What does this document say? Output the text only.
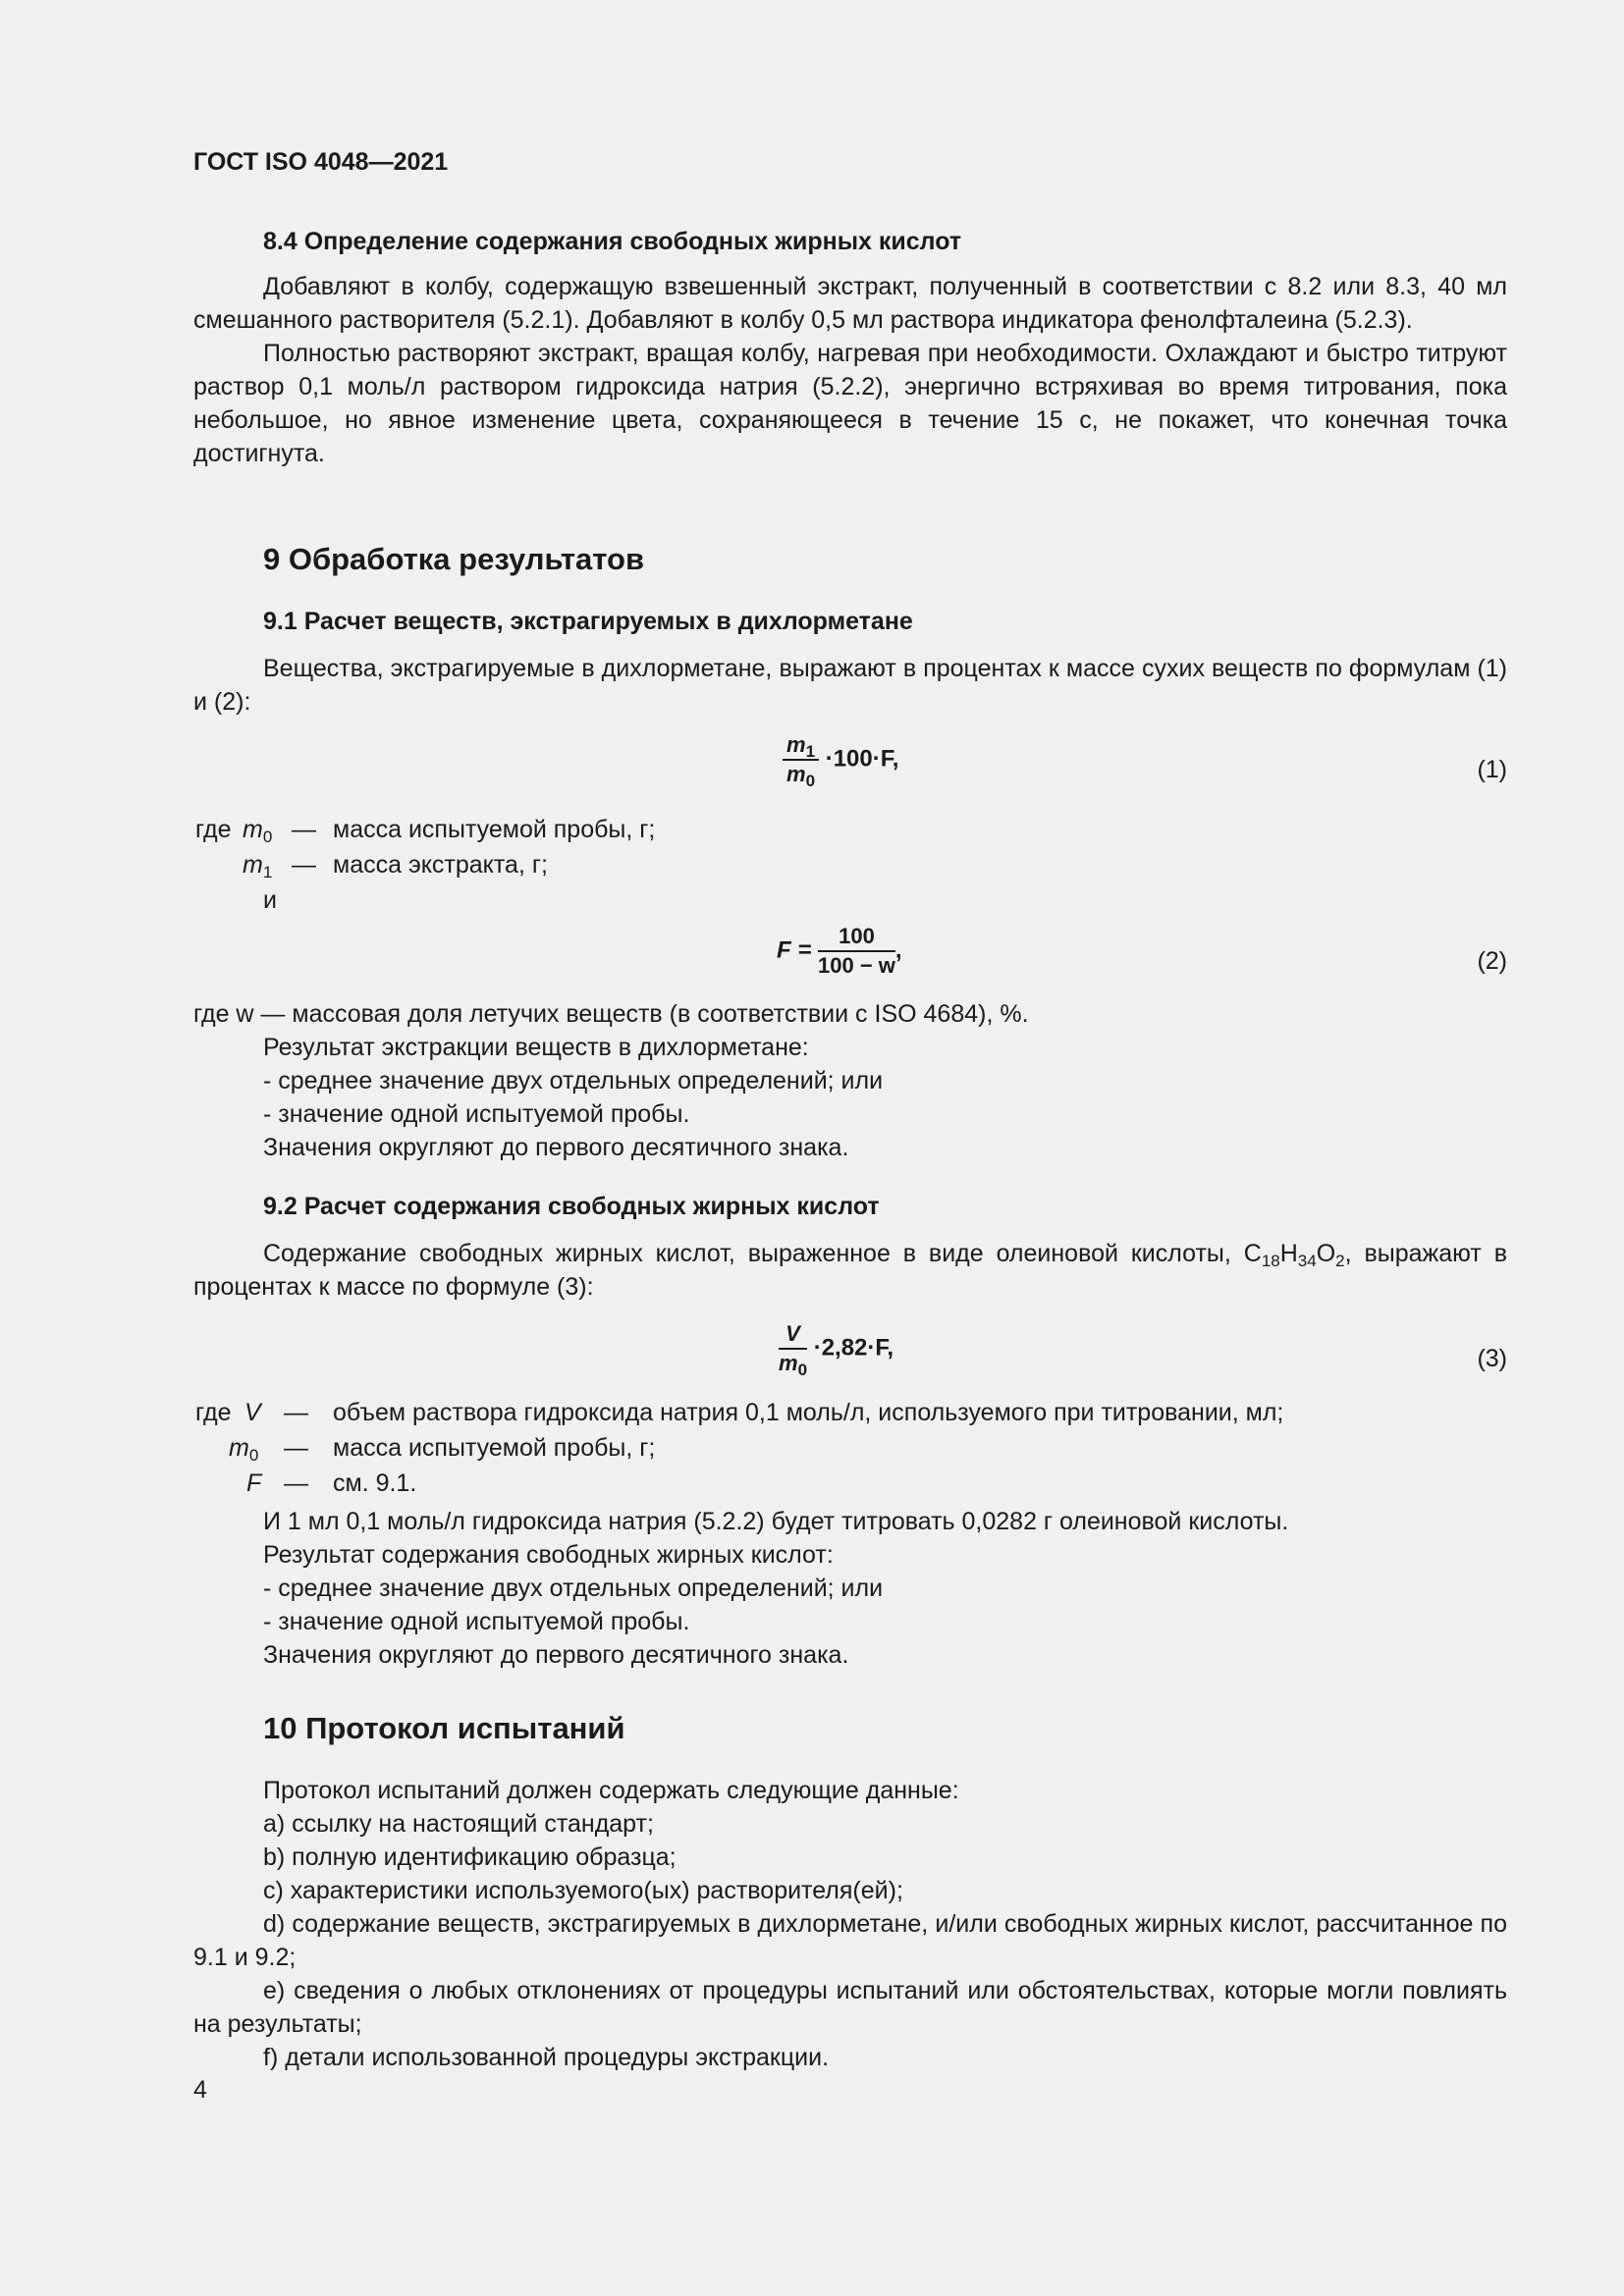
ГОСТ ISO 4048—2021
8.4 Определение содержания свободных жирных кислот

Добавляют в колбу, содержащую взвешенный экстракт, полученный в соответствии с 8.2 или 8.3, 40 мл смешанного растворителя (5.2.1). Добавляют в колбу 0,5 мл раствора индикатора фенолфталеина (5.2.3).

Полностью растворяют экстракт, вращая колбу, нагревая при необходимости. Охлаждают и быстро титруют раствор 0,1 моль/л раствором гидроксида натрия (5.2.2), энергично встряхивая во время титрования, пока небольшое, но явное изменение цвета, сохраняющееся в течение 15 с, не покажет, что конечная точка достигнута.

9 Обработка результатов
9.1 Расчет веществ, экстрагируемых в дихлорметане

Вещества, экстрагируемые в дихлорметане, выражают в процентах к массе сухих веществ по формулам (1) и (2):

$\frac{m_1}{m_0} \cdot 100\cdot F$,	(1)
где $m_0$ — масса испытуемой пробы, г;
$m_1$ — масса экстракта, г;
и
$F = \frac{100}{100 - w}$ ,	(2)

где w — массовая доля летучих веществ (в соответствии с ISO 4684), %.

Результат экстракции веществ в дихлорметане:

- среднее значение двух отдельных определений; или

- значение одной испытуемой пробы.

Значения округляют до первого десятичного знака.

9.2 Расчет содержания свободных жирных кислот

Содержание свободных жирных кислот, выраженное в виде олеиновой кислоты, $C_{18}H_{34}O_2$, выражают в процентах к массе по формуле (3):

$\frac{V}{m_0} \cdot 2,82\cdot F$,	(3)
где V — объем раствора гидроксида натрия 0,1 моль/л, используемого при титровании, мл;
$m_0$ — масса испытуемой пробы, г;
F — см. 9.1.

И 1 мл 0,1 моль/л гидроксида натрия (5.2.2) будет титровать 0,0282 г олеиновой кислоты.

Результат содержания свободных жирных кислот:

- среднее значение двух отдельных определений; или

- значение одной испытуемой пробы.

Значения округляют до первого десятичного знака.

10 Протокол испытаний

Протокол испытаний должен содержать следующие данные:

a) ссылку на настоящий стандарт;

b) полную идентификацию образца;

c) характеристики используемого(ых) растворителя(ей);

d) содержание веществ, экстрагируемых в дихлорметане, и/или свободных жирных кислот, рассчитанное по 9.1 и 9.2;

e) сведения о любых отклонениях от процедуры испытаний или обстоятельствах, которые могли повлиять на результаты;

f) детали использованной процедуры экстракции.

4
